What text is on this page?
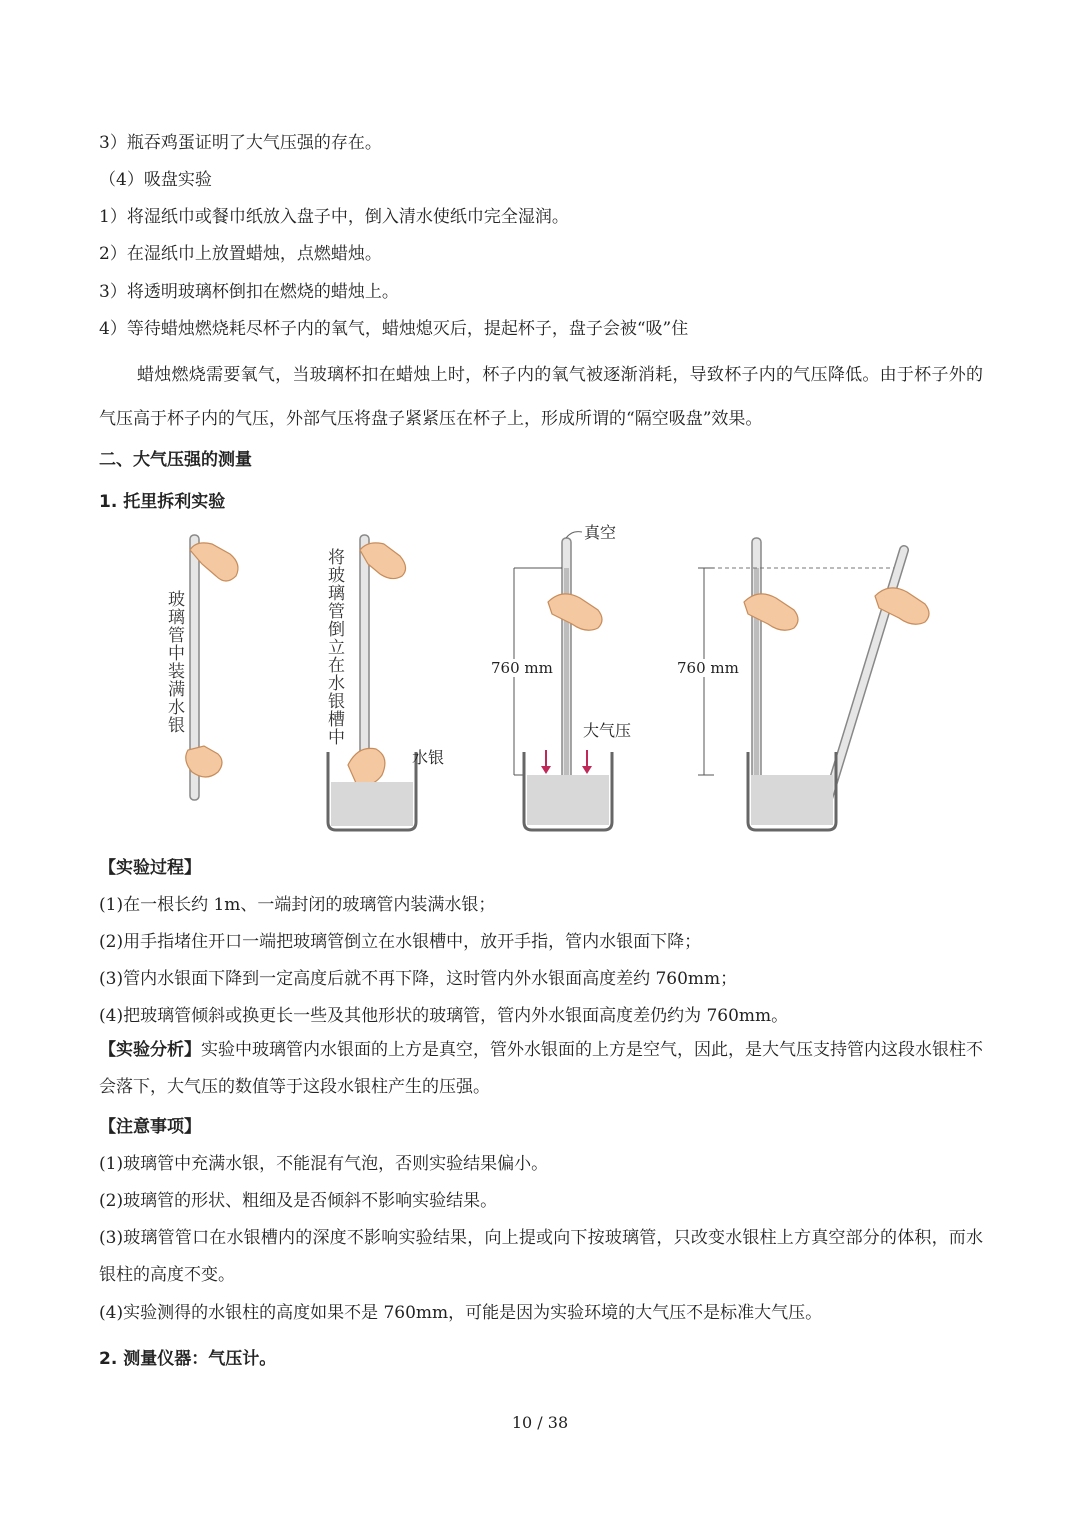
3）瓶吞鸡蛋证明了大气压强的存在。
（4）吸盘实验
1）将湿纸巾或餐巾纸放入盘子中，倒入清水使纸巾完全湿润。
2）在湿纸巾上放置蜡烛，点燃蜡烛。
3）将透明玻璃杯倒扣在燃烧的蜡烛上。
4）等待蜡烛燃烧耗尽杯子内的氧气，蜡烛熄灭后，提起杯子，盘子会被“吸”住
蜡烛燃烧需要氧气，当玻璃杯扣在蜡烛上时，杯子内的氧气被逐渐消耗，导致杯子内的气压降低。由于杯子外的气压高于杯子内的气压，外部气压将盘子紧紧压在杯子上，形成所谓的“隔空吸盘”效果。
二、大气压强的测量
1. 托里拆利实验
玻璃管中装满水银	将玻璃管倒立在水银槽中
水银
真空
760 mm	760 mm
大气压
【实验过程】
(1)在一根长约 1m、一端封闭的玻璃管内装满水银；
(2)用手指堵住开口一端把玻璃管倒立在水银槽中，放开手指，管内水银面下降；
(3)管内水银面下降到一定高度后就不再下降，这时管内外水银面高度差约 760mm；
(4)把玻璃管倾斜或换更长一些及其他形状的玻璃管，管内外水银面高度差仍约为 760mm。
【实验分析】实验中玻璃管内水银面的上方是真空，管外水银面的上方是空气，因此，是大气压支持管内这段水银柱不会落下，大气压的数值等于这段水银柱产生的压强。
【注意事项】
(1)玻璃管中充满水银，不能混有气泡，否则实验结果偏小。
(2)玻璃管的形状、粗细及是否倾斜不影响实验结果。
(3)玻璃管管口在水银槽内的深度不影响实验结果，向上提或向下按玻璃管，只改变水银柱上方真空部分的体积，而水银柱的高度不变。
(4)实验测得的水银柱的高度如果不是 760mm，可能是因为实验环境的大气压不是标准大气压。
2. 测量仪器：气压计。
10 / 38
